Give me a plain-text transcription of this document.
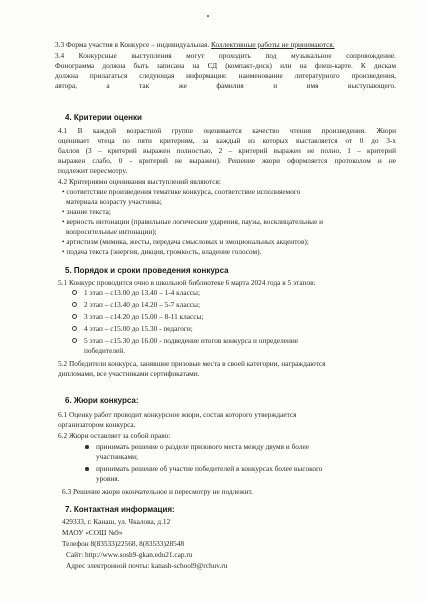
3.3 Форма участия в Конкурсе – индивидуальная. Коллективные работы не принимаются.
3.4 Конкурсные выступления могут проходить под музыкальное сопровождение.
Фонограмма должна быть записана на СД (компакт-диск) или на флеш-карте. К дискам
должна прилагаться следующая информация: наименование литературного произведения,
автора, а так же фамилия и имя выступающего.
4. Критерии оценки
4.1 В каждой возрастной группе оценивается качество чтения произведения. Жюри
оценивает чтеца по пяти критериям, за каждый из которых выставляется от 0 до 3-х
баллов (3 – критерий выражен полностью, 2 – критерий выражен не полно, 1 – критерий
выражен слабо, 0 - критерий не выражен). Решение жюри оформляется протоколом и не
подлежит пересмотру.
4.2 Критериями оценивания выступлений являются:
• соответствие произведения тематике конкурса, соответствие исполняемого
материала возрасту участника;
• знание текста;
• верность интонации (правильные логические ударения, паузы, восклицательные и
вопросительные интонации);
• артистизм (мимика, жесты, передача смысловых и эмоциональных акцентов);
• подача текста (энергия, дикция, громкость, владение голосом).
5. Порядок и сроки проведения конкурса
5.1 Конкурс проводится очно в школьной библиотеке 6 марта 2024 года в 5 этапов:
1 этап – с13.00 до 13.40 – 1-4 классы;
2 этап – с13.40 до 14.20 – 5-7 классы;
3 этап – с14.20 до 15.00 – 8-11 классы;
4 этап – с15.00 до 15.30 - педагоги;
5 этап – с15.30 до 16.00 - подведение итогов конкурса и определение
победителей.
5.2 Победители конкурса, занявшие призовые места в своей категории, награждаются
дипломами, все участниками сертификатами.
6. Жюри конкурса:
6.1 Оценку работ проводит конкурсное жюри, состав которого утверждается
организатором конкурса.
6.2 Жюри оставляет за собой право:
принимать решение о разделе призового места между двумя и более
участниками;
принимать решение об участие победителей в конкурсах более высокого
уровня.
6.3 Решение жюри окончательное и пересмотру не подлежит.
7. Контактная информация:
429333, г. Канаш, ул. Чкалова, д.12
МАОУ «СОШ №9»
Телефон 8(83533)22568, 8(83533)28548
Сайт: http://www.sosh9-gkan.edu21.cap.ru
Адрес электронной почты: kanash-school9@rchuv.ru
